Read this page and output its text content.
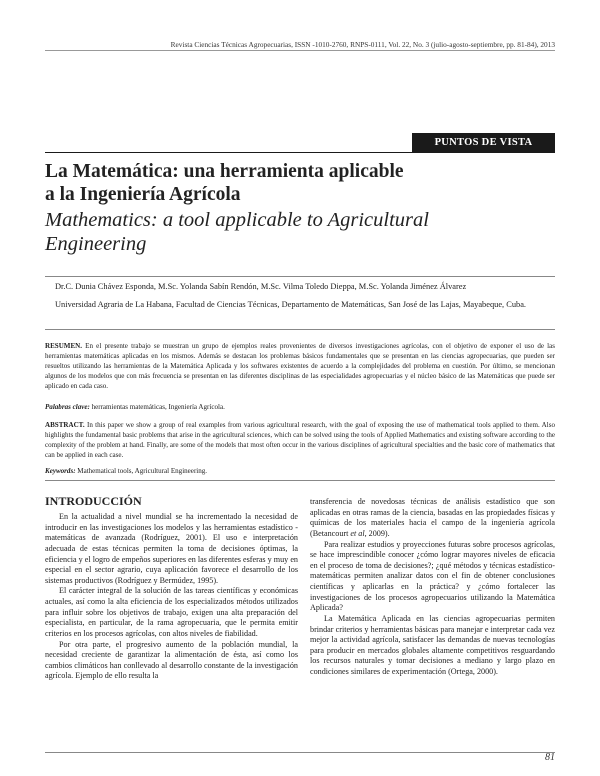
Revista Ciencias Técnicas Agropecuarias, ISSN -1010-2760, RNPS-0111, Vol. 22, No. 3 (julio-agosto-septiembre, pp. 81-84), 2013
PUNTOS DE VISTA
La Matemática: una herramienta aplicable
a la Ingeniería Agrícola
Mathematics: a tool applicable to Agricultural
Engineering
Dr.C. Dunia Chávez Esponda, M.Sc. Yolanda Sabín Rendón, M.Sc. Vilma Toledo Dieppa, M.Sc. Yolanda Jiménez Álvarez
Universidad Agraria de La Habana, Facultad de Ciencias Técnicas, Departamento de Matemáticas, San José de las Lajas, Mayabeque, Cuba.
RESUMEN. En el presente trabajo se muestran un grupo de ejemplos reales provenientes de diversos investigaciones agrícolas, con el objetivo de exponer el uso de las herramientas matemáticas aplicadas en los mismos. Además se destacan los problemas básicos fundamentales que se presentan en las ciencias agropecuarias, que pueden ser resueltos utilizando las herramientas de la Matemática Aplicada y los softwares existentes de acuerdo a la complejidades del problema en cuestión. Por último, se mencionan algunos de los modelos que con más frecuencia se presentan en las diferentes disciplinas de las especialidades agropecuarias y el núcleo básico de las Matemáticas que puede ser aplicado en cada caso.
Palabras clave: herramientas matemáticas, Ingeniería Agrícola.
ABSTRACT. In this paper we show a group of real examples from various agricultural research, with the goal of exposing the use of mathematical tools applied to them. Also highlights the fundamental basic problems that arise in the agricultural sciences, which can be solved using the tools of Applied Mathematics and existing software according to the complexity of the problem at hand. Finally, are some of the models that most often occur in the various disciplines of agricultural specialties and the basic core of mathematics that can be applied in each case.
Keywords: Mathematical tools, Agricultural Engineering.
INTRODUCCIÓN

En la actualidad a nivel mundial se ha incrementado la necesidad de introducir en las investigaciones los modelos y las herramientas estadístico -matemáticas de avanzada (Rodríguez, 2001). El uso e interpretación adecuada de estas técnicas permiten la toma de decisiones óptimas, la eficiencia y el logro de empeños superiores en las diferentes esferas y muy en especial en el sector agrario, cuya aplicación favorece el desarrollo de los sistemas productivos (Rodríguez y Bermúdez, 1995).

El carácter integral de la solución de las tareas científicas y económicas actuales, así como la alta eficiencia de los especializados métodos utilizados para influir sobre los objetivos de trabajo, exigen una alta preparación del especialista, en particular, de la rama agropecuaria, que le permita emitir criterios en los procesos agrícolas, con altos niveles de fiabilidad.

Por otra parte, el progresivo aumento de la población mundial, la necesidad creciente de garantizar la alimentación de ésta, así como los cambios climáticos han conllevado al desarrollo constante de la investigación agrícola. Ejemplo de ello resulta la

transferencia de novedosas técnicas de análisis estadístico que son aplicadas en otras ramas de la ciencia, basadas en las propiedades físicas y químicas de los materiales hacia el campo de la ingeniería agrícola (Betancourt et al, 2009).

Para realizar estudios y proyecciones futuras sobre procesos agrícolas, se hace imprescindible conocer ¿cómo lograr mayores niveles de eficacia en el proceso de toma de decisiones?; ¿qué métodos y técnicas estadístico-matemáticas permiten analizar datos con el fin de obtener conclusiones científicas y aplicarlas en la práctica? y ¿cómo fortalecer las investigaciones de los procesos agropecuarios utilizando la Matemática Aplicada?

La Matemática Aplicada en las ciencias agropecuarias permiten brindar criterios y herramientas básicas para manejar e interpretar cada vez mejor la actividad agrícola, satisfacer las demandas de nuevas tecnologías para producir en mercados globales altamente competitivos resguardando los recursos naturales y tomar decisiones a mediano y largo plazo en condiciones similares de experimentación (Ortega, 2000).

81
